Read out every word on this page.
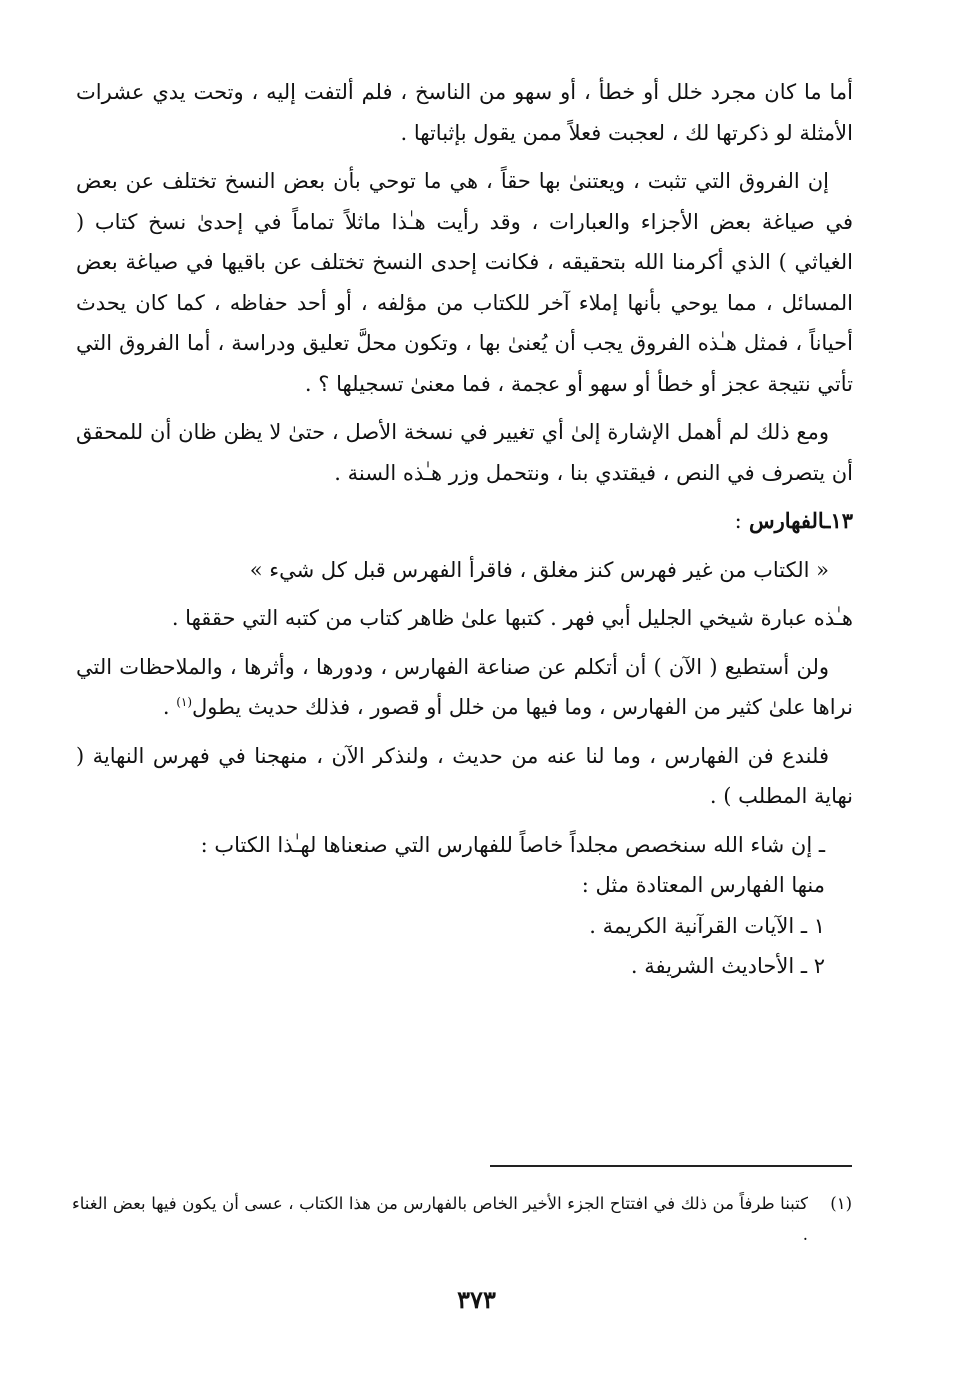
أما ما كان مجرد خلل أو خطأ ، أو سهو من الناسخ ، فلم ألتفت إليه ، وتحت يدي عشرات الأمثلة لو ذكرتها لك ، لعجبت فعلاً ممن يقول بإثباتها .

إن الفروق التي تثبت ، ويعتنىٰ بها حقاً ، هي ما توحي بأن بعض النسخ تختلف عن بعض في صياغة بعض الأجزاء والعبارات ، وقد رأيت هـٰذا ماثلاً تماماً في إحدىٰ نسخ كتاب ( الغياثي ) الذي أكرمنا الله بتحقيقه ، فكانت إحدى النسخ تختلف عن باقيها في صياغة بعض المسائل ، مما يوحي بأنها إملاء آخر للكتاب من مؤلفه ، أو أحد حفاظه ، كما كان يحدث أحياناً ، فمثل هـٰذه الفروق يجب أن يُعنىٰ بها ، وتكون محلَّ تعليق ودراسة ، أما الفروق التي تأتي نتيجة عجز أو خطأ أو سهو أو عجمة ، فما معنىٰ تسجيلها ؟ .

ومع ذلك لم أهمل الإشارة إلىٰ أي تغيير في نسخة الأصل ، حتىٰ لا يظن ظان أن للمحقق أن يتصرف في النص ، فيقتدي بنا ، ونتحمل وزر هـٰذه السنة .

١٣ـالفهارس :

« الكتاب من غير فهرس كنز مغلق ، فاقرأ الفهرس قبل كل شيء »

هـٰذه عبارة شيخي الجليل أبي فهر . كتبها علىٰ ظاهر كتاب من كتبه التي حققها .

ولن أستطيع ( الآن ) أن أتكلم عن صناعة الفهارس ، ودورها ، وأثرها ، والملاحظات التي نراها علىٰ كثير من الفهارس ، وما فيها من خلل أو قصور ، فذلك حديث يطول$^{(١)}$ .

فلندع فن الفهارس ، وما لنا عنه من حديث ، ولنذكر الآن ، منهجنا في فهرس النهاية ( نهاية المطلب ) .

ـ إن شاء الله سنخصص مجلداً خاصاً للفهارس التي صنعناها لهـٰذا الكتاب :

منها الفهارس المعتادة مثل :

١ ـ الآيات القرآنية الكريمة .

٢ ـ الأحاديث الشريفة .

(١)
كتبنا طرفاً من ذلك في افتتاح الجزء الأخير الخاص بالفهارس من هذا الكتاب ، عسى أن يكون فيها بعض الغناء .
٣٧٣
